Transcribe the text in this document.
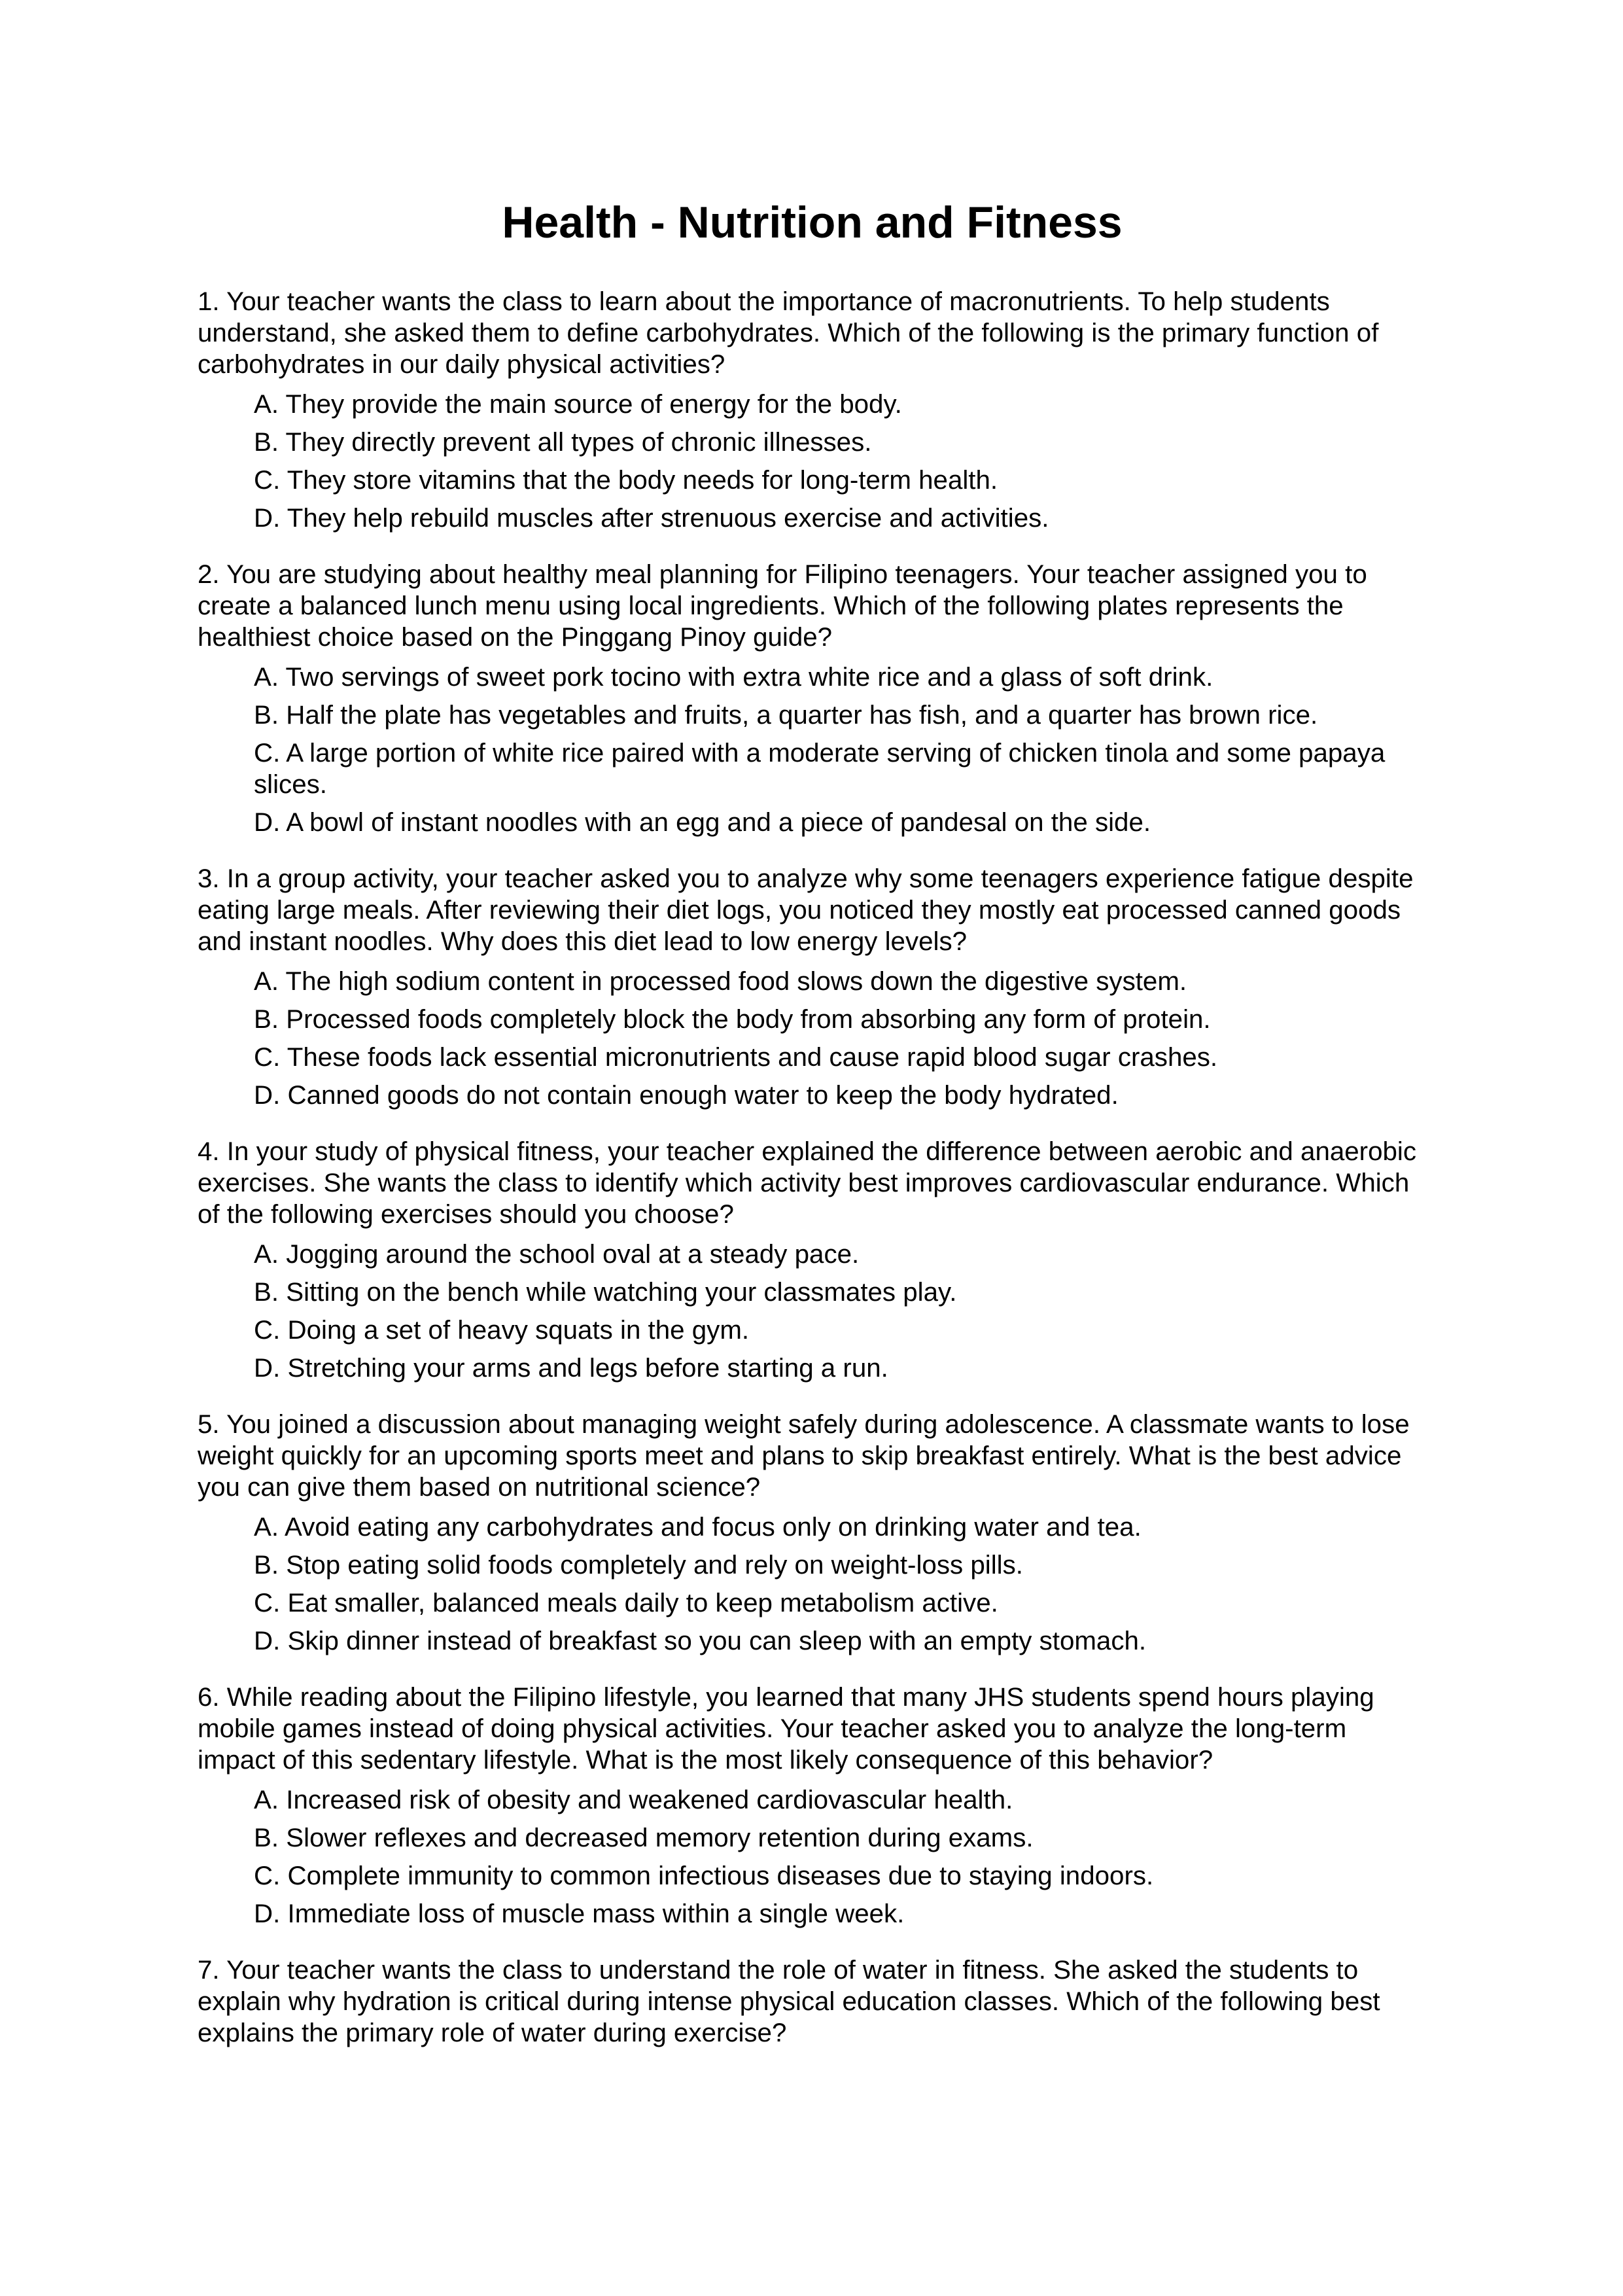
Health - Nutrition and Fitness

1. Your teacher wants the class to learn about the importance of macronutrients. To help students understand, she asked them to define carbohydrates. Which of the following is the primary function of carbohydrates in our daily physical activities?

A. They provide the main source of energy for the body.
B. They directly prevent all types of chronic illnesses.
C. They store vitamins that the body needs for long-term health.
D. They help rebuild muscles after strenuous exercise and activities.

2. You are studying about healthy meal planning for Filipino teenagers. Your teacher assigned you to create a balanced lunch menu using local ingredients. Which of the following plates represents the healthiest choice based on the Pinggang Pinoy guide?

A. Two servings of sweet pork tocino with extra white rice and a glass of soft drink.
B. Half the plate has vegetables and fruits, a quarter has fish, and a quarter has brown rice.
C. A large portion of white rice paired with a moderate serving of chicken tinola and some papaya slices.
D. A bowl of instant noodles with an egg and a piece of pandesal on the side.

3. In a group activity, your teacher asked you to analyze why some teenagers experience fatigue despite eating large meals. After reviewing their diet logs, you noticed they mostly eat processed canned goods and instant noodles. Why does this diet lead to low energy levels?

A. The high sodium content in processed food slows down the digestive system.
B. Processed foods completely block the body from absorbing any form of protein.
C. These foods lack essential micronutrients and cause rapid blood sugar crashes.
D. Canned goods do not contain enough water to keep the body hydrated.

4. In your study of physical fitness, your teacher explained the difference between aerobic and anaerobic exercises. She wants the class to identify which activity best improves cardiovascular endurance. Which of the following exercises should you choose?

A. Jogging around the school oval at a steady pace.
B. Sitting on the bench while watching your classmates play.
C. Doing a set of heavy squats in the gym.
D. Stretching your arms and legs before starting a run.

5. You joined a discussion about managing weight safely during adolescence. A classmate wants to lose weight quickly for an upcoming sports meet and plans to skip breakfast entirely. What is the best advice you can give them based on nutritional science?

A. Avoid eating any carbohydrates and focus only on drinking water and tea.
B. Stop eating solid foods completely and rely on weight-loss pills.
C. Eat smaller, balanced meals daily to keep metabolism active.
D. Skip dinner instead of breakfast so you can sleep with an empty stomach.

6. While reading about the Filipino lifestyle, you learned that many JHS students spend hours playing mobile games instead of doing physical activities. Your teacher asked you to analyze the long-term impact of this sedentary lifestyle. What is the most likely consequence of this behavior?

A. Increased risk of obesity and weakened cardiovascular health.
B. Slower reflexes and decreased memory retention during exams.
C. Complete immunity to common infectious diseases due to staying indoors.
D. Immediate loss of muscle mass within a single week.

7. Your teacher wants the class to understand the role of water in fitness. She asked the students to explain why hydration is critical during intense physical education classes. Which of the following best explains the primary role of water during exercise?
